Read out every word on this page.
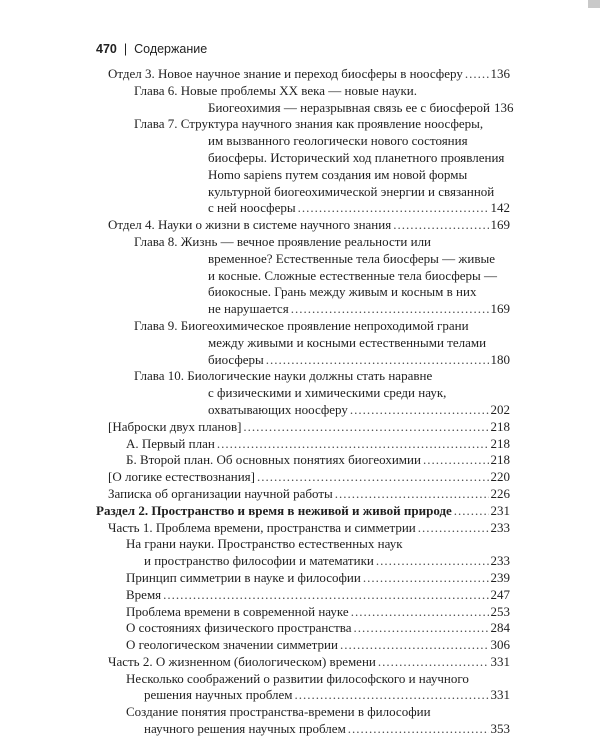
470 | Содержание
Отдел 3. Новое научное знание и переход биосферы в ноосферу ..... 136
Глава 6. Новые проблемы XX века — новые науки.
Биогеохимия — неразрывная связь ее с биосферой 136
Глава 7. Структура научного знания как проявление ноосферы,
им вызванного геологически нового состояния
биосферы. Исторический ход планетного проявления
Homo sapiens путем создания им новой формы
культурной биогеохимической энергии и связанной
с ней ноосферы .....	142
Отдел 4. Науки о жизни в системе научного знания .....	169
Глава 8. Жизнь — вечное проявление реальности или
временное? Естественные тела биосферы — живые
и косные. Сложные естественные тела биосферы —
биокосные. Грань между живым и косным в них
не нарушается .....	169
Глава 9. Биогеохимическое проявление непроходимой грани
между живыми и косными естественными телами
биосферы .....	180
Глава 10. Биологические науки должны стать наравне
с физическими и химическими среди наук,
охватывающих ноосферу .....	202
[Наброски двух планов] .....	218
А. Первый план .....	218
Б. Второй план. Об основных понятиях биогеохимии .....	218
[О логике естествознания] .....	220
Записка об организации научной работы .....	226
Раздел 2. Пространство и время в неживой и живой природе .....	231
Часть 1. Проблема времени, пространства и симметрии .....	233
На грани науки. Пространство естественных наук
и пространство философии и математики .....	233
Принцип симметрии в науке и философии .....	239
Время .....	247
Проблема времени в современной науке .....	253
О состояниях физического пространства .....	284
О геологическом значении симметрии .....	306
Часть 2. О жизненном (биологическом) времени .....	331
Несколько соображений о развитии философского и научного
решения научных проблем .....	331
Создание понятия пространства-времени в философии
научного решения научных проблем .....	353
